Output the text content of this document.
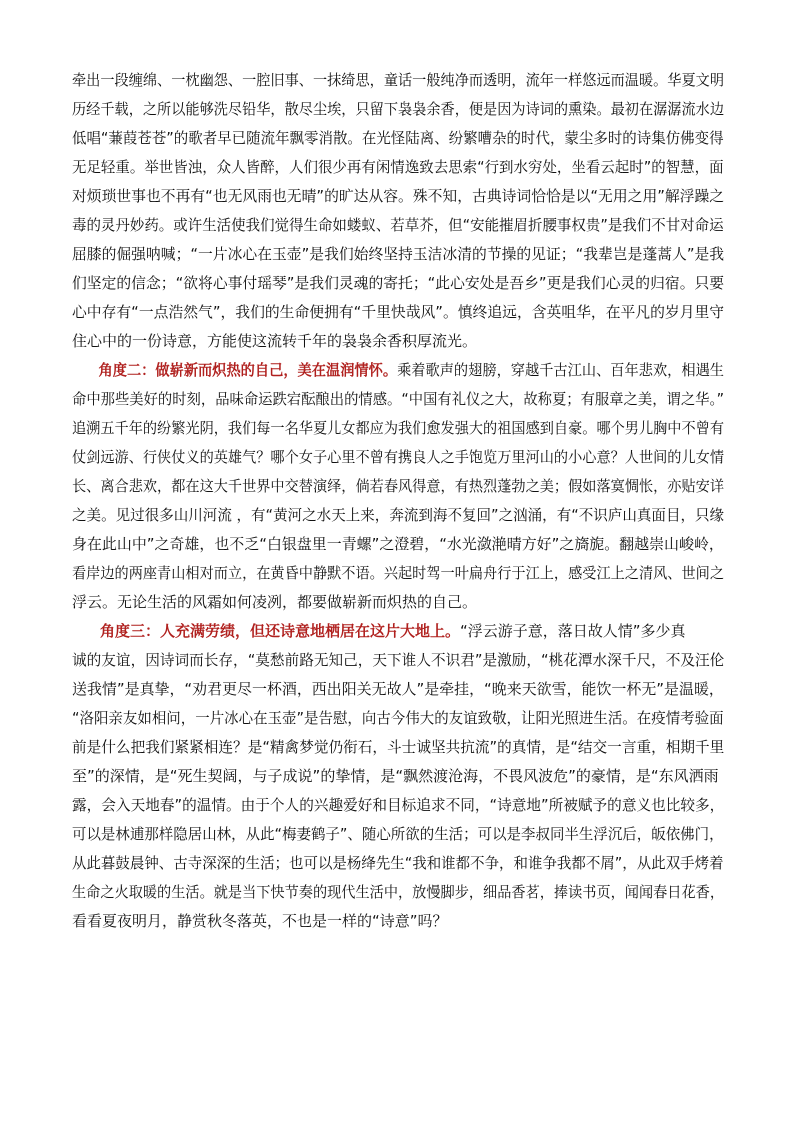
牵出一段缠绵、一枕幽怨、一腔旧事、一抹绮思，童话一般纯净而透明，流年一样悠远而温暖。华夏文明
历经千载，之所以能够洗尽铅华，散尽尘埃，只留下袅袅余香，便是因为诗词的熏染。最初在潺潺流水边
低唱“蒹葭苍苍”的歌者早已随流年飘零消散。在光怪陆离、纷繁嘈杂的时代，蒙尘多时的诗集仿佛变得
无足轻重。举世皆浊，众人皆醉，人们很少再有闲情逸致去思索“行到水穷处，坐看云起时”的智慧，面
对烦琐世事也不再有“也无风雨也无晴”的旷达从容。殊不知，古典诗词恰恰是以“无用之用”解浮躁之
毒的灵丹妙药。或许生活使我们觉得生命如蝼蚁、若草芥，但“安能摧眉折腰事权贵”是我们不甘对命运
屈膝的倔强呐喊；“一片冰心在玉壶”是我们始终坚持玉洁冰清的节操的见证；“我辈岂是蓬蒿人”是我
们坚定的信念；“欲将心事付瑶琴”是我们灵魂的寄托；“此心安处是吾乡”更是我们心灵的归宿。只要
心中存有“一点浩然气”，我们的生命便拥有“千里快哉风”。慎终追远，含英咀华，在平凡的岁月里守
住心中的一份诗意，方能使这流转千年的袅袅余香积厚流光。
角度二：做崭新而炽热的自己，美在温润情怀。乘着歌声的翅膀，穿越千古江山、百年悲欢，相遇生
命中那些美好的时刻，品味命运跌宕酝酿出的情感。“中国有礼仪之大，故称夏；有服章之美，谓之华。”
追溯五千年的纷繁光阴，我们每一名华夏儿女都应为我们愈发强大的祖国感到自豪。哪个男儿胸中不曾有
仗剑远游、行侠仗义的英雄气？哪个女子心里不曾有携良人之手饱览万里河山的小心意？人世间的儿女情
长、离合悲欢，都在这大千世界中交替演绎，倘若春风得意，有热烈蓬勃之美；假如落寞惆怅，亦贴安详
之美。见过很多山川河流 ，有“黄河之水天上来，奔流到海不复回”之汹涌，有“不识庐山真面目，只缘
身在此山中”之奇雄，也不乏“白银盘里一青螺”之澄碧，“水光潋滟晴方好”之旖旎。翻越崇山峻岭，
看岸边的两座青山相对而立，在黄昏中静默不语。兴起时驾一叶扁舟行于江上，感受江上之清风、世间之
浮云。无论生活的风霜如何凌冽，都要做崭新而炽热的自己。
角度三：人充满劳绩，但还诗意地栖居在这片大地上。“浮云游子意，落日故人情”多少真
诚的友谊，因诗词而长存，“莫愁前路无知己，天下谁人不识君”是激励，“桃花潭水深千尺，不及汪伦
送我情”是真挚，“劝君更尽一杯酒，西出阳关无故人”是牵挂，“晚来天欲雪，能饮一杯无”是温暖，
“洛阳亲友如相问，一片冰心在玉壶”是告慰，向古今伟大的友谊致敬，让阳光照进生活。在疫情考验面
前是什么把我们紧紧相连？是“精禽梦觉仍衔石，斗士诚坚共抗流”的真情，是“结交一言重，相期千里
至”的深情，是“死生契阔，与子成说”的挚情，是“飘然渡沧海，不畏风波危”的豪情，是“东风洒雨
露，会入天地春”的温情。由于个人的兴趣爱好和目标追求不同，“诗意地”所被赋予的意义也比较多，
可以是林逋那样隐居山林，从此“梅妻鹤子”、随心所欲的生活；可以是李叔同半生浮沉后，皈依佛门，
从此暮鼓晨钟、古寺深深的生活；也可以是杨绛先生“我和谁都不争，和谁争我都不屑”，从此双手烤着
生命之火取暖的生活。就是当下快节奏的现代生活中，放慢脚步，细品香茗，捧读书页，闻闻春日花香，
看看夏夜明月，静赏秋冬落英，不也是一样的“诗意”吗？
